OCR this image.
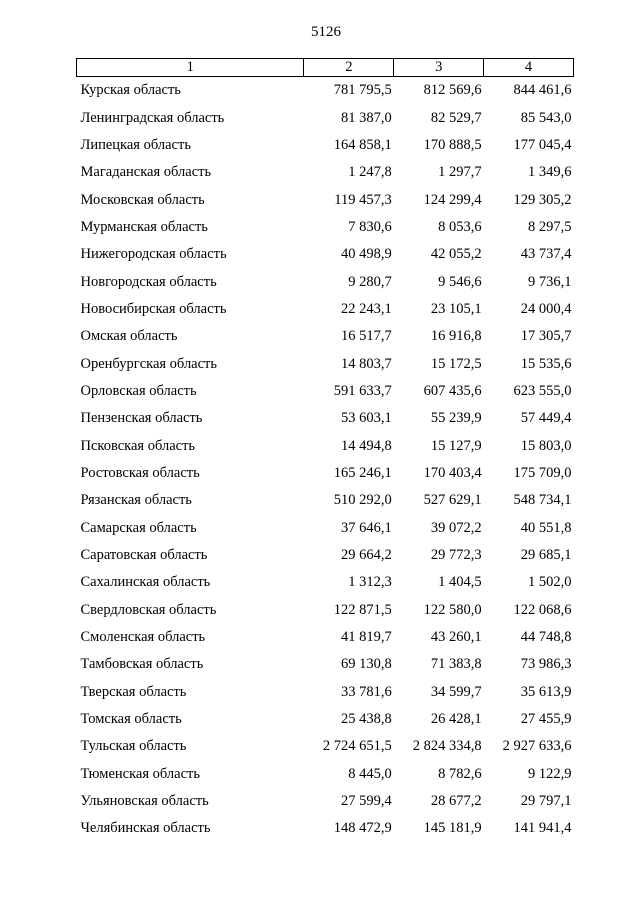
5126
1	2	3	4
Курская область	781 795,5	812 569,6	844 461,6
Ленинградская область	81 387,0	82 529,7	85 543,0
Липецкая область	164 858,1	170 888,5	177 045,4
Магаданская область	1 247,8	1 297,7	1 349,6
Московская область	119 457,3	124 299,4	129 305,2
Мурманская область	7 830,6	8 053,6	8 297,5
Нижегородская область	40 498,9	42 055,2	43 737,4
Новгородская область	9 280,7	9 546,6	9 736,1
Новосибирская область	22 243,1	23 105,1	24 000,4
Омская область	16 517,7	16 916,8	17 305,7
Оренбургская область	14 803,7	15 172,5	15 535,6
Орловская область	591 633,7	607 435,6	623 555,0
Пензенская область	53 603,1	55 239,9	57 449,4
Псковская область	14 494,8	15 127,9	15 803,0
Ростовская область	165 246,1	170 403,4	175 709,0
Рязанская область	510 292,0	527 629,1	548 734,1
Самарская область	37 646,1	39 072,2	40 551,8
Саратовская область	29 664,2	29 772,3	29 685,1
Сахалинская область	1 312,3	1 404,5	1 502,0
Свердловская область	122 871,5	122 580,0	122 068,6
Смоленская область	41 819,7	43 260,1	44 748,8
Тамбовская область	69 130,8	71 383,8	73 986,3
Тверская область	33 781,6	34 599,7	35 613,9
Томская область	25 438,8	26 428,1	27 455,9
Тульская область	2 724 651,5	2 824 334,8	2 927 633,6
Тюменская область	8 445,0	8 782,6	9 122,9
Ульяновская область	27 599,4	28 677,2	29 797,1
Челябинская область	148 472,9	145 181,9	141 941,4
